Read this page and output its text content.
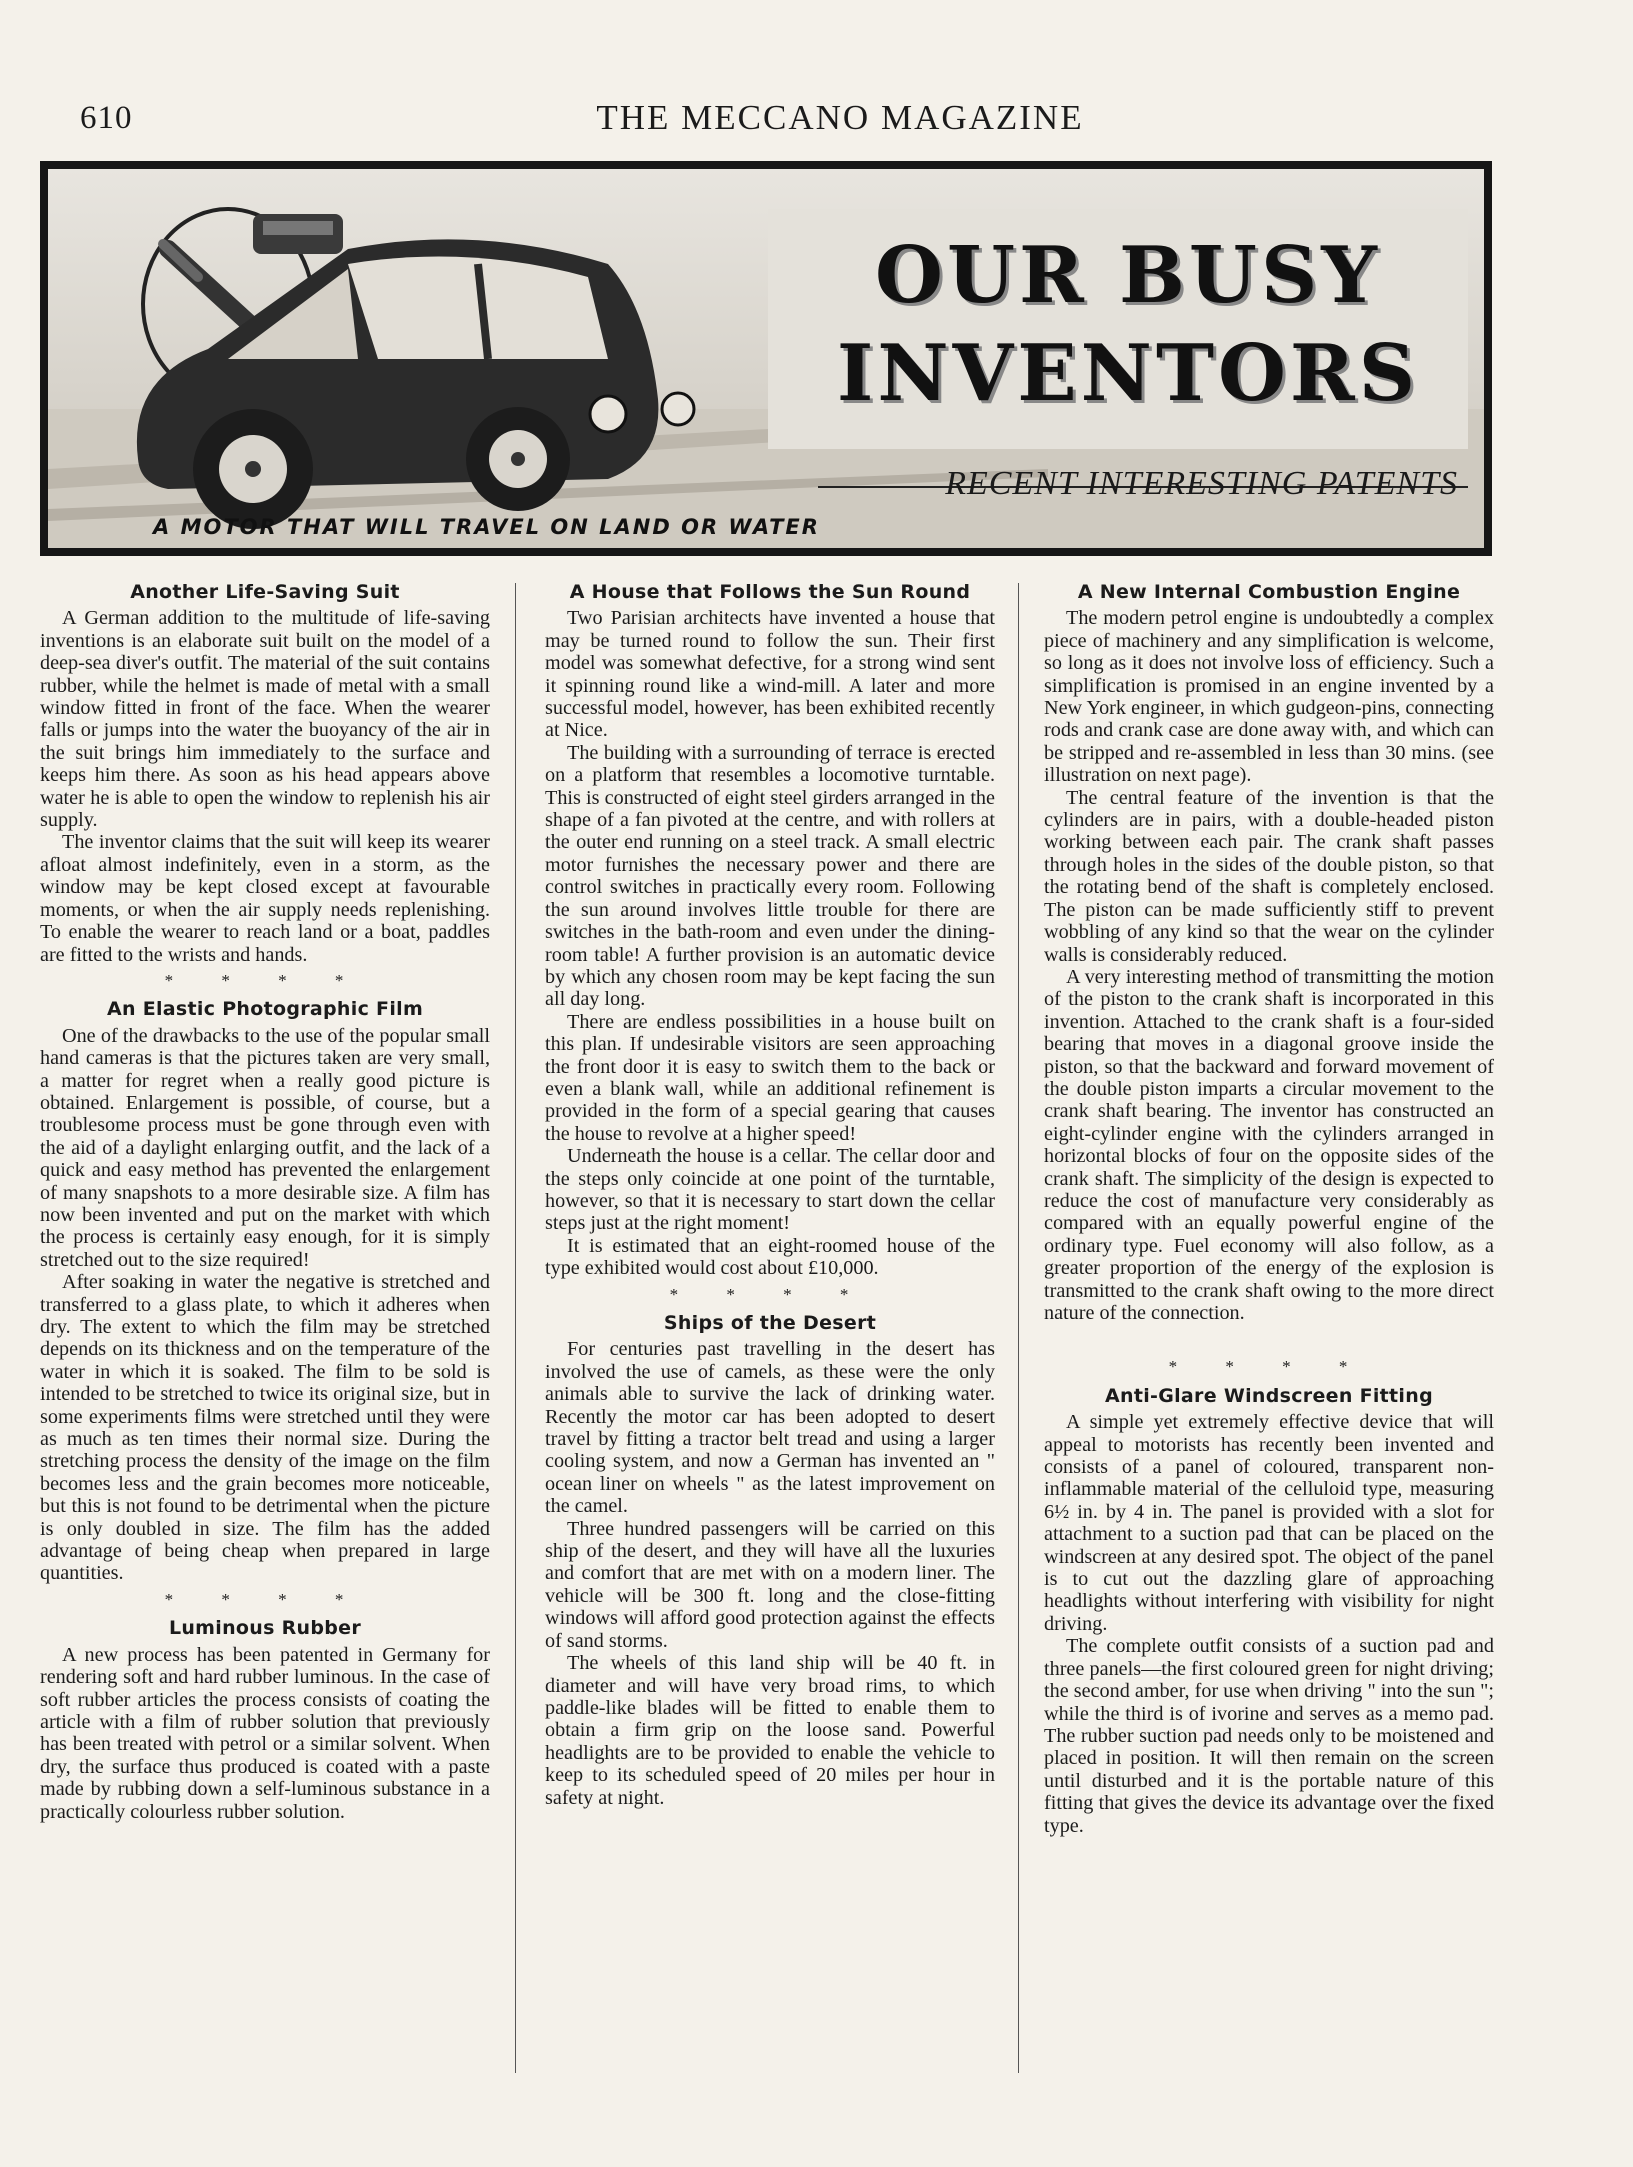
610	THE MECCANO MAGAZINE
OUR BUSY
INVENTORS
RECENT INTERESTING PATENTS
A MOTOR THAT WILL TRAVEL ON LAND OR WATER
Another Life-Saving Suit

A German addition to the multitude of life-saving inventions is an elaborate suit built on the model of a deep-sea diver's outfit. The material of the suit contains rubber, while the helmet is made of metal with a small window fitted in front of the face. When the wearer falls or jumps into the water the buoyancy of the air in the suit brings him immediately to the surface and keeps him there. As soon as his head appears above water he is able to open the window to replenish his air supply.

The inventor claims that the suit will keep its wearer afloat almost indefinitely, even in a storm, as the window may be kept closed except at favourable moments, or when the air supply needs replenishing. To enable the wearer to reach land or a boat, paddles are fitted to the wrists and hands.

* * * *
An Elastic Photographic Film

One of the drawbacks to the use of the popular small hand cameras is that the pictures taken are very small, a matter for regret when a really good picture is obtained. Enlargement is possible, of course, but a troublesome process must be gone through even with the aid of a daylight enlarging outfit, and the lack of a quick and easy method has prevented the enlargement of many snapshots to a more desirable size. A film has now been invented and put on the market with which the process is certainly easy enough, for it is simply stretched out to the size required!

After soaking in water the negative is stretched and transferred to a glass plate, to which it adheres when dry. The extent to which the film may be stretched depends on its thickness and on the temperature of the water in which it is soaked. The film to be sold is intended to be stretched to twice its original size, but in some experiments films were stretched until they were as much as ten times their normal size. During the stretching process the density of the image on the film becomes less and the grain becomes more noticeable, but this is not found to be detrimental when the picture is only doubled in size. The film has the added advantage of being cheap when prepared in large quantities.

* * * *
Luminous Rubber

A new process has been patented in Germany for rendering soft and hard rubber luminous. In the case of soft rubber articles the process consists of coating the article with a film of rubber solution that previously has been treated with petrol or a similar solvent. When dry, the surface thus produced is coated with a paste made by rubbing down a self-luminous substance in a practically colourless rubber solution.

A House that Follows the Sun Round

Two Parisian architects have invented a house that may be turned round to follow the sun. Their first model was somewhat defective, for a strong wind sent it spinning round like a wind-mill. A later and more successful model, however, has been exhibited recently at Nice.

The building with a surrounding of terrace is erected on a platform that resembles a locomotive turntable. This is constructed of eight steel girders arranged in the shape of a fan pivoted at the centre, and with rollers at the outer end running on a steel track. A small electric motor furnishes the necessary power and there are control switches in practically every room. Following the sun around involves little trouble for there are switches in the bath-room and even under the dining-room table! A further provision is an automatic device by which any chosen room may be kept facing the sun all day long.

There are endless possibilities in a house built on this plan. If undesirable visitors are seen approaching the front door it is easy to switch them to the back or even a blank wall, while an additional refinement is provided in the form of a special gearing that causes the house to revolve at a higher speed!

Underneath the house is a cellar. The cellar door and the steps only coincide at one point of the turntable, however, so that it is necessary to start down the cellar steps just at the right moment!

It is estimated that an eight-roomed house of the type exhibited would cost about £10,000.

* * * *
Ships of the Desert

For centuries past travelling in the desert has involved the use of camels, as these were the only animals able to survive the lack of drinking water. Recently the motor car has been adopted to desert travel by fitting a tractor belt tread and using a larger cooling system, and now a German has invented an " ocean liner on wheels " as the latest improvement on the camel.

Three hundred passengers will be carried on this ship of the desert, and they will have all the luxuries and comfort that are met with on a modern liner. The vehicle will be 300 ft. long and the close-fitting windows will afford good protection against the effects of sand storms.

The wheels of this land ship will be 40 ft. in diameter and will have very broad rims, to which paddle-like blades will be fitted to enable them to obtain a firm grip on the loose sand. Powerful headlights are to be provided to enable the vehicle to keep to its scheduled speed of 20 miles per hour in safety at night.

A New Internal Combustion Engine

The modern petrol engine is undoubtedly a complex piece of machinery and any simplification is welcome, so long as it does not involve loss of efficiency. Such a simplification is promised in an engine invented by a New York engineer, in which gudgeon-pins, connecting rods and crank case are done away with, and which can be stripped and re-assembled in less than 30 mins. (see illustration on next page).

The central feature of the invention is that the cylinders are in pairs, with a double-headed piston working between each pair. The crank shaft passes through holes in the sides of the double piston, so that the rotating bend of the shaft is completely enclosed. The piston can be made sufficiently stiff to prevent wobbling of any kind so that the wear on the cylinder walls is considerably reduced.

A very interesting method of transmitting the motion of the piston to the crank shaft is incorporated in this invention. Attached to the crank shaft is a four-sided bearing that moves in a diagonal groove inside the piston, so that the backward and forward movement of the double piston imparts a circular movement to the crank shaft bearing. The inventor has constructed an eight-cylinder engine with the cylinders arranged in horizontal blocks of four on the opposite sides of the crank shaft. The simplicity of the design is expected to reduce the cost of manufacture very considerably as compared with an equally powerful engine of the ordinary type. Fuel economy will also follow, as a greater proportion of the energy of the explosion is transmitted to the crank shaft owing to the more direct nature of the connection.

* * * *
Anti-Glare Windscreen Fitting

A simple yet extremely effective device that will appeal to motorists has recently been invented and consists of a panel of coloured, transparent non-inflammable material of the celluloid type, measuring 6½ in. by 4 in. The panel is provided with a slot for attachment to a suction pad that can be placed on the windscreen at any desired spot. The object of the panel is to cut out the dazzling glare of approaching headlights without interfering with visibility for night driving.

The complete outfit consists of a suction pad and three panels—the first coloured green for night driving; the second amber, for use when driving " into the sun "; while the third is of ivorine and serves as a memo pad. The rubber suction pad needs only to be moistened and placed in position. It will then remain on the screen until disturbed and it is the portable nature of this fitting that gives the device its advantage over the fixed type.
